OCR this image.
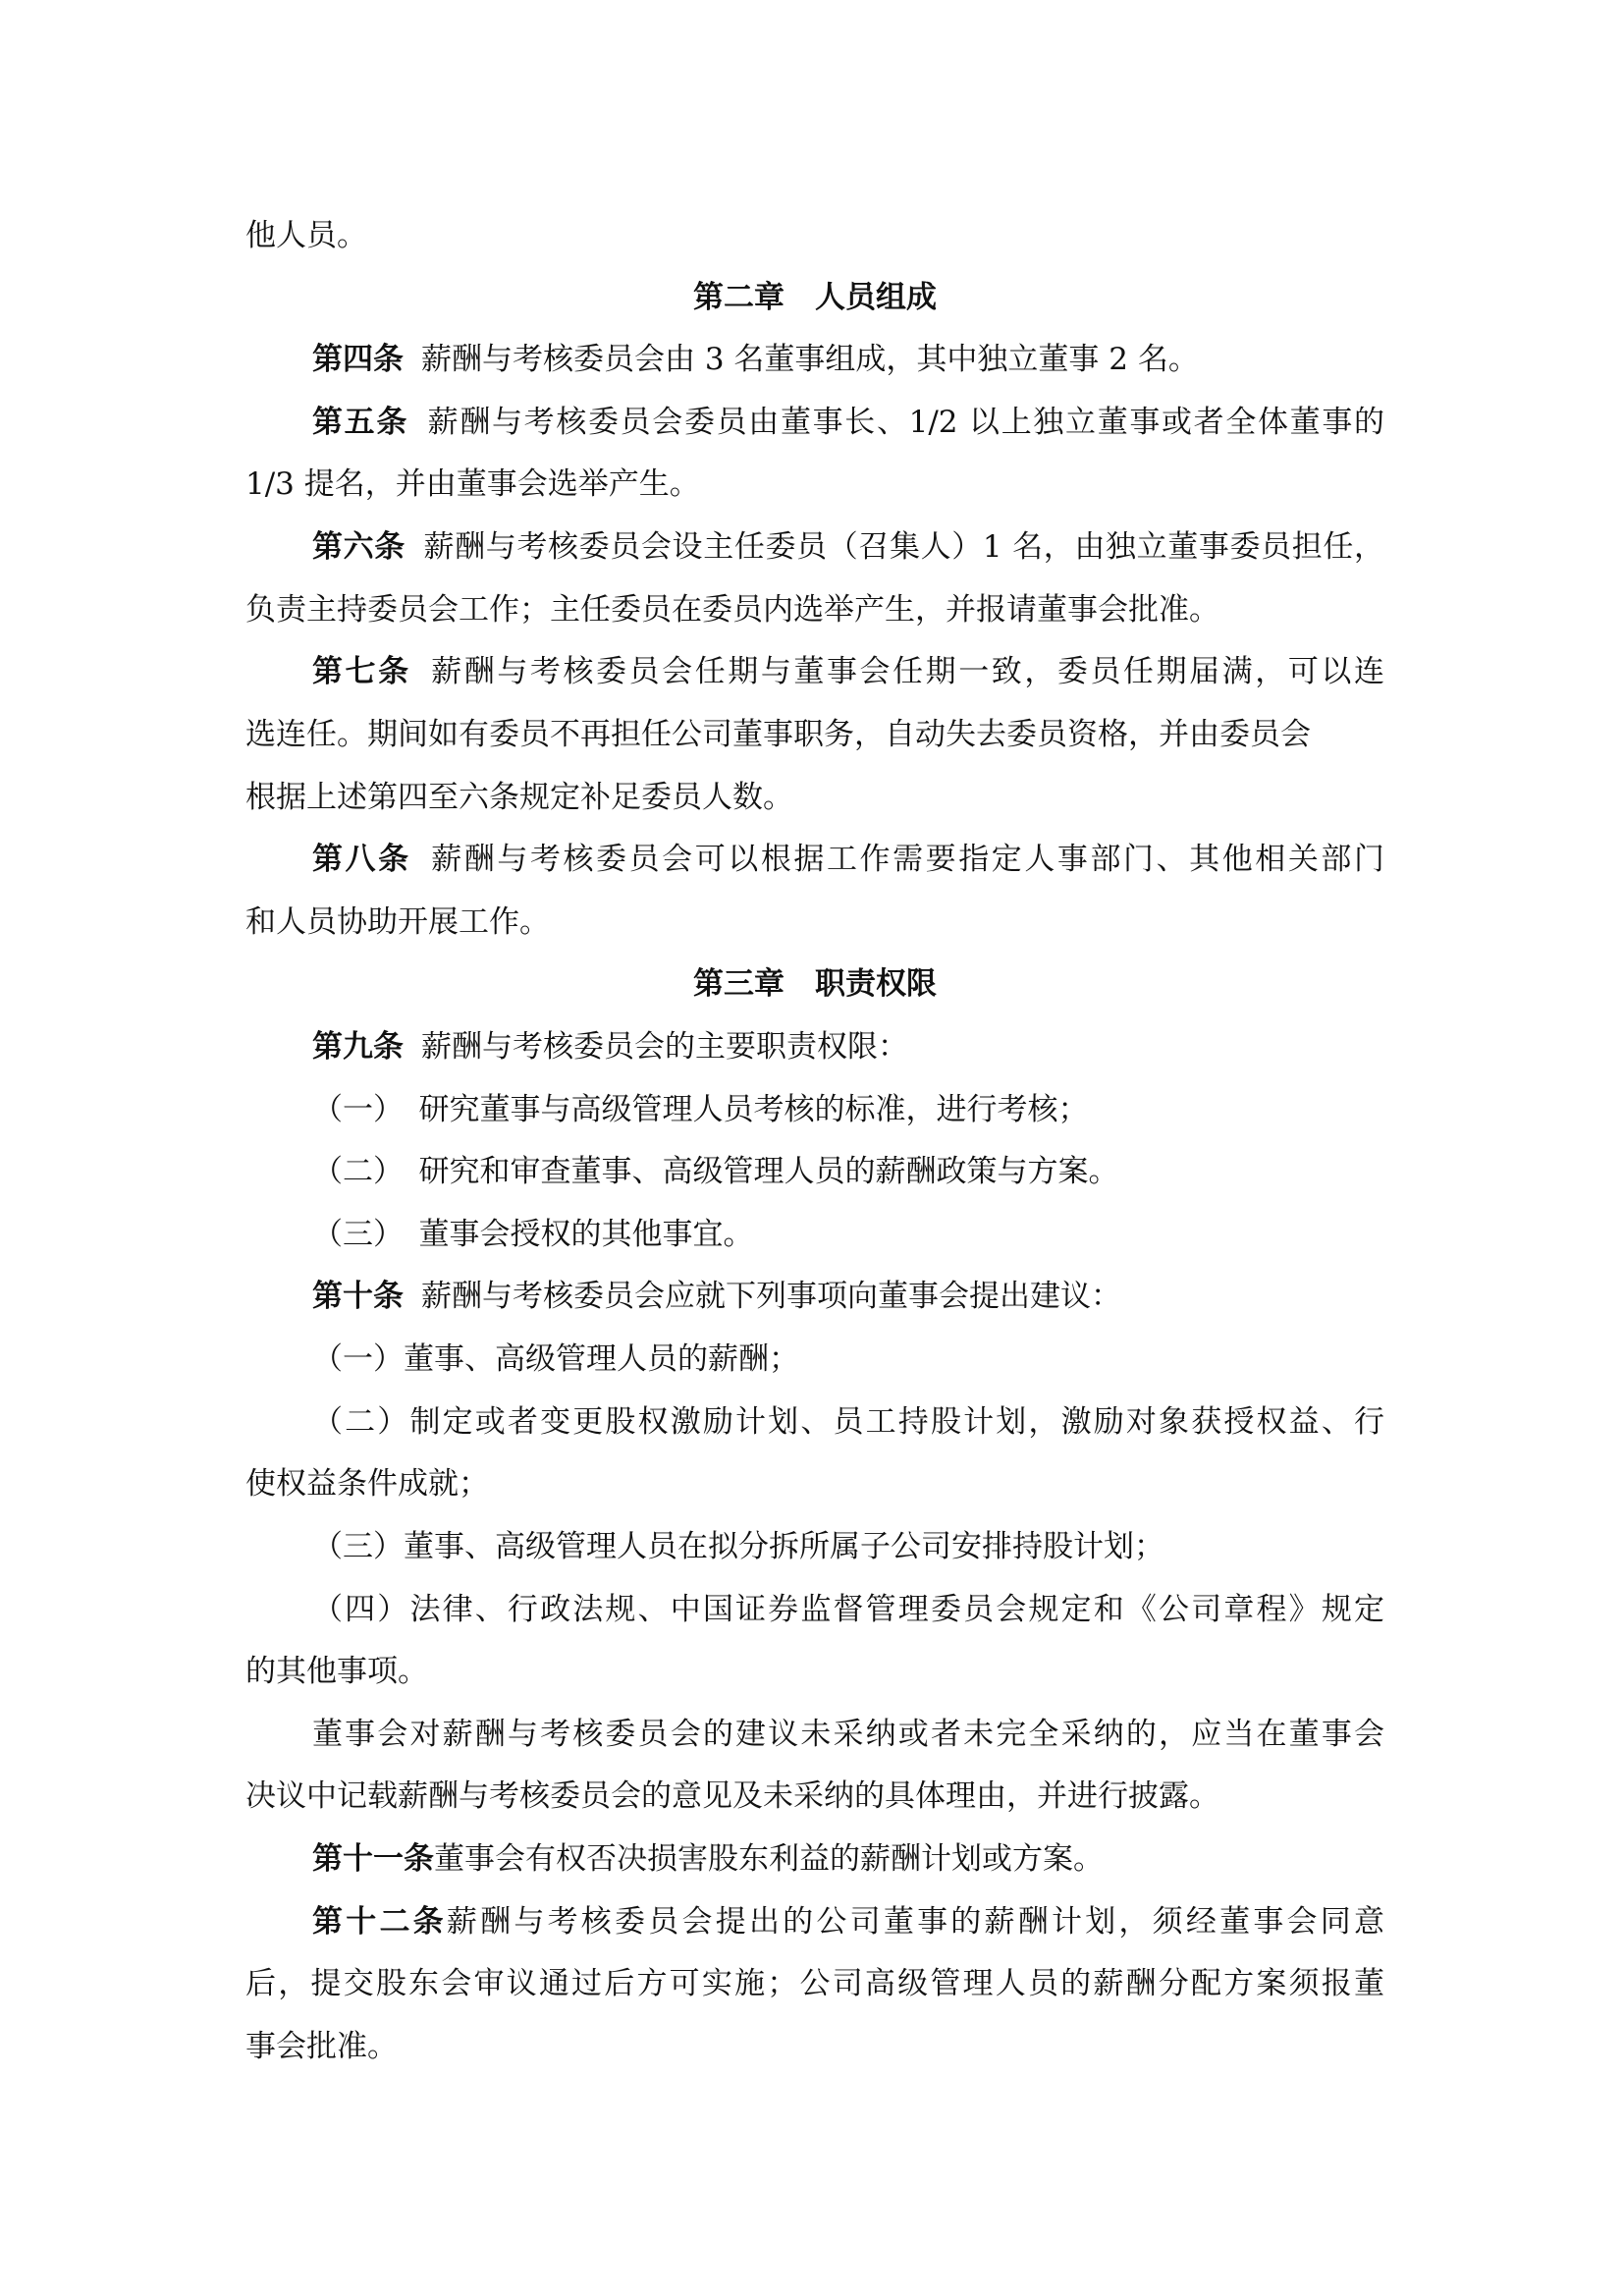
他人员。
第二章　人员组成
第四条 薪酬与考核委员会由 3 名董事组成，其中独立董事 2 名。
第五条 薪酬与考核委员会委员由董事长、1/2 以上独立董事或者全体董事的
1/3 提名，并由董事会选举产生。
第六条 薪酬与考核委员会设主任委员（召集人）1 名，由独立董事委员担任，
负责主持委员会工作；主任委员在委员内选举产生，并报请董事会批准。
第七条 薪酬与考核委员会任期与董事会任期一致，委员任期届满，可以连
选连任。期间如有委员不再担任公司董事职务，自动失去委员资格，并由委员会
根据上述第四至六条规定补足委员人数。
第八条 薪酬与考核委员会可以根据工作需要指定人事部门、其他相关部门
和人员协助开展工作。
第三章　职责权限
第九条 薪酬与考核委员会的主要职责权限：
（一）　研究董事与高级管理人员考核的标准，进行考核；
（二）　研究和审查董事、高级管理人员的薪酬政策与方案。
（三）　董事会授权的其他事宜。
第十条 薪酬与考核委员会应就下列事项向董事会提出建议：
（一）董事、高级管理人员的薪酬；
（二）制定或者变更股权激励计划、员工持股计划，激励对象获授权益、行
使权益条件成就；
（三）董事、高级管理人员在拟分拆所属子公司安排持股计划；
（四）法律、行政法规、中国证券监督管理委员会规定和《公司章程》规定
的其他事项。
董事会对薪酬与考核委员会的建议未采纳或者未完全采纳的，应当在董事会
决议中记载薪酬与考核委员会的意见及未采纳的具体理由，并进行披露。
第十一条董事会有权否决损害股东利益的薪酬计划或方案。
第十二条薪酬与考核委员会提出的公司董事的薪酬计划，须经董事会同意
后，提交股东会审议通过后方可实施；公司高级管理人员的薪酬分配方案须报董
事会批准。
